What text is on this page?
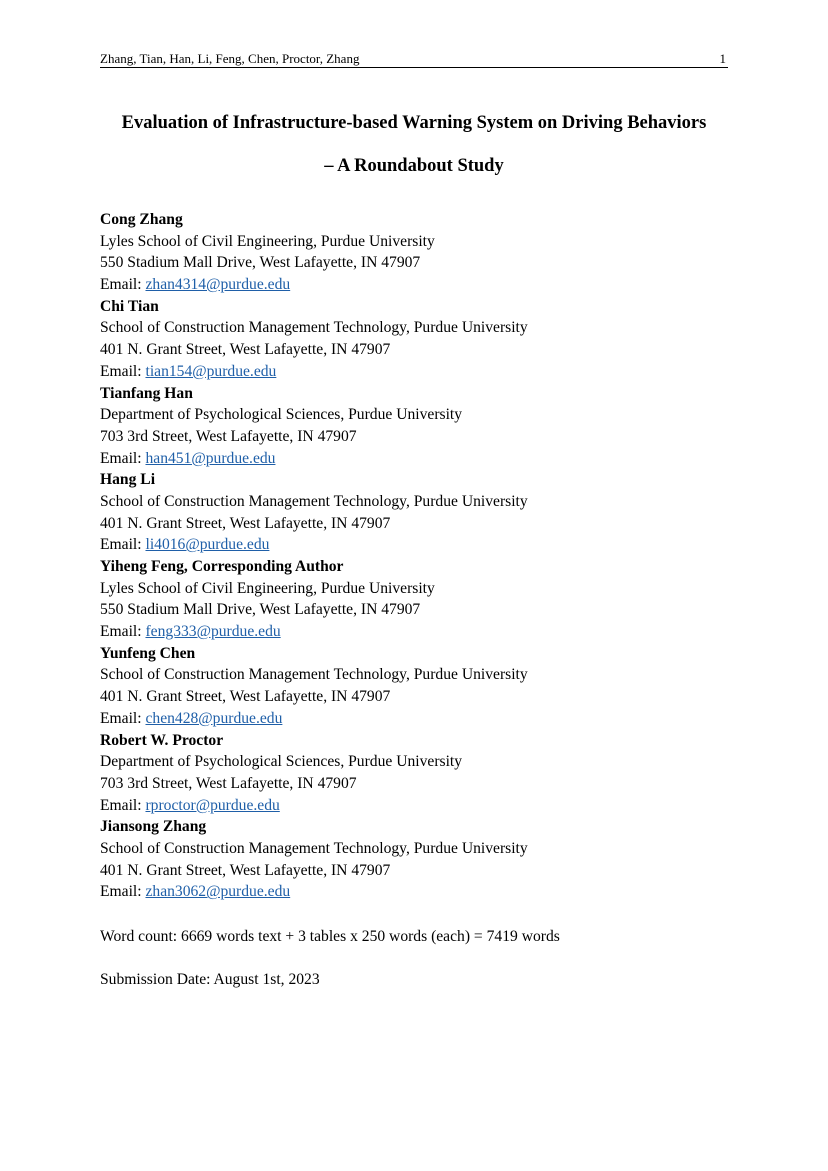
Zhang, Tian, Han, Li, Feng, Chen, Proctor, Zhang	1
Evaluation of Infrastructure-based Warning System on Driving Behaviors
– A Roundabout Study
Cong Zhang
Lyles School of Civil Engineering, Purdue University
550 Stadium Mall Drive, West Lafayette, IN 47907
Email: zhan4314@purdue.edu
Chi Tian
School of Construction Management Technology, Purdue University
401 N. Grant Street, West Lafayette, IN 47907
Email: tian154@purdue.edu
Tianfang Han
Department of Psychological Sciences, Purdue University
703 3rd Street, West Lafayette, IN 47907
Email: han451@purdue.edu
Hang Li
School of Construction Management Technology, Purdue University
401 N. Grant Street, West Lafayette, IN 47907
Email: li4016@purdue.edu
Yiheng Feng, Corresponding Author
Lyles School of Civil Engineering, Purdue University
550 Stadium Mall Drive, West Lafayette, IN 47907
Email: feng333@purdue.edu
Yunfeng Chen
School of Construction Management Technology, Purdue University
401 N. Grant Street, West Lafayette, IN 47907
Email: chen428@purdue.edu
Robert W. Proctor
Department of Psychological Sciences, Purdue University
703 3rd Street, West Lafayette, IN 47907
Email: rproctor@purdue.edu
Jiansong Zhang
School of Construction Management Technology, Purdue University
401 N. Grant Street, West Lafayette, IN 47907
Email: zhan3062@purdue.edu
Word count: 6669 words text + 3 tables x 250 words (each) = 7419 words
Submission Date: August 1st, 2023
